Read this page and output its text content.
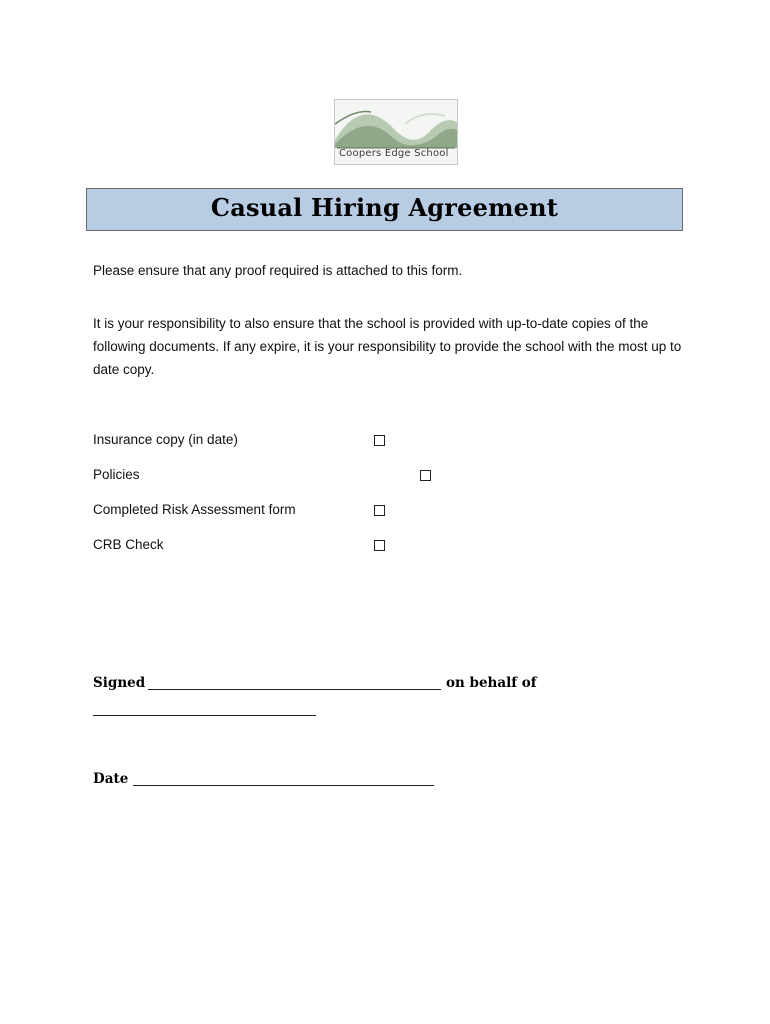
Coopers Edge School
Casual Hiring Agreement
Please ensure that any proof required is attached to this form.
It is your responsibility to also ensure that the school is provided with up-to-date copies of the following documents. If any expire, it is your responsibility to provide the school with the most up to date copy.
Insurance copy (in date)
Policies
Completed Risk Assessment form
CRB Check
Signed	on behalf of
Date
